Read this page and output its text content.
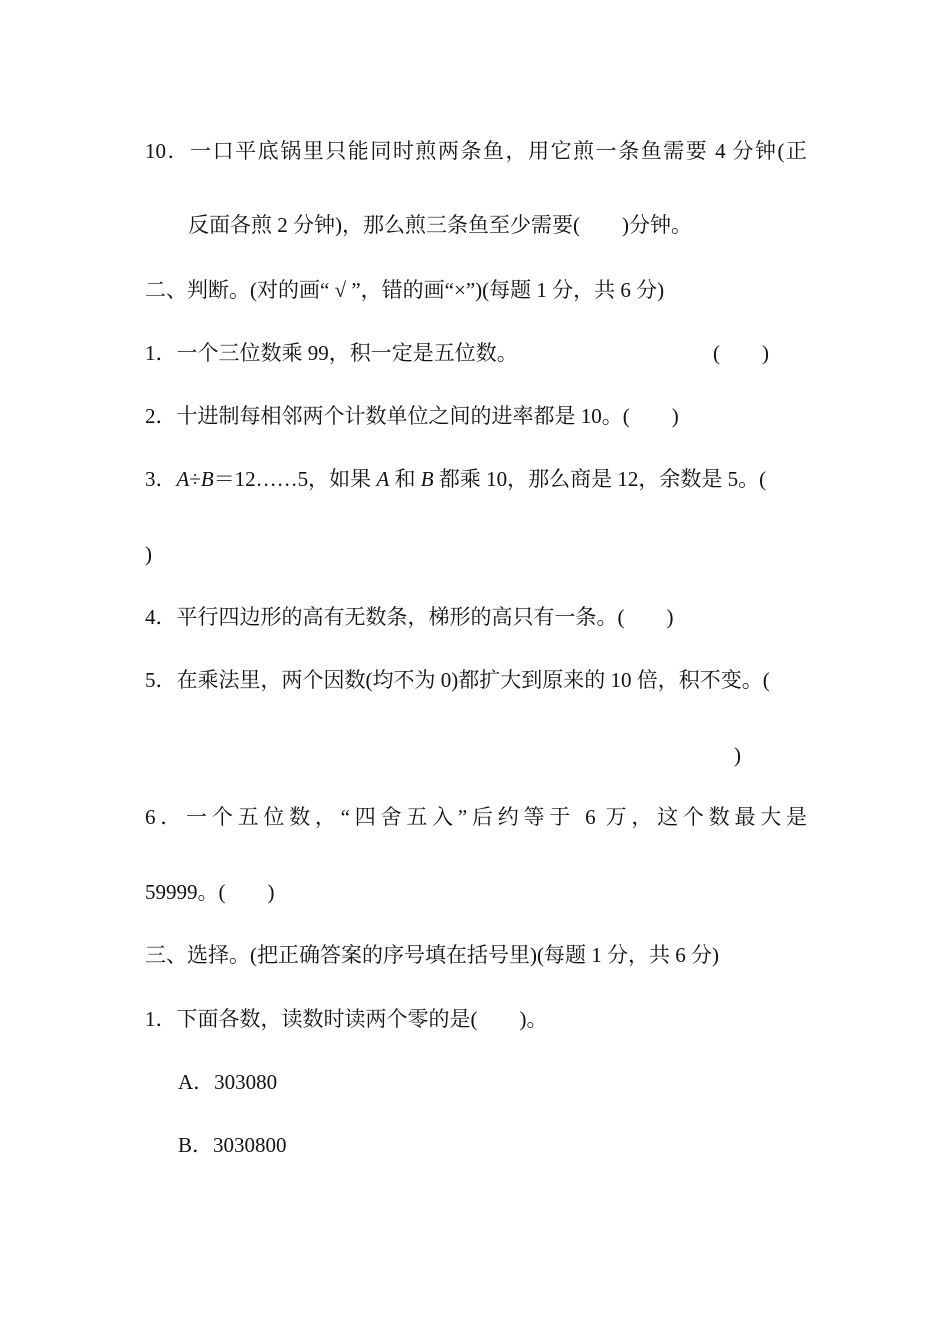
10．一口平底锅里只能同时煎两条鱼，用它煎一条鱼需要 4 分钟(正
反面各煎 2 分钟)，那么煎三条鱼至少需要(　　)分钟。
二、判断。(对的画“ √ ”，错的画“×”)(每题 1 分，共 6 分)
1．一个三位数乘 99，积一定是五位数。	(　　)
2．十进制每相邻两个计数单位之间的进率都是 10。(　　)
3．A÷B＝12……5，如果 A 和 B 都乘 10，那么商是 12，余数是 5。(
)
4．平行四边形的高有无数条，梯形的高只有一条。(　　)
5．在乘法里，两个因数(均不为 0)都扩大到原来的 10 倍，积不变。(
)
6．一个五位数，“四舍五入”后约等于 6 万，这个数最大是
59999。(　　)
三、选择。(把正确答案的序号填在括号里)(每题 1 分，共 6 分)
1．下面各数，读数时读两个零的是(　　)。
A．303080
B．3030800
